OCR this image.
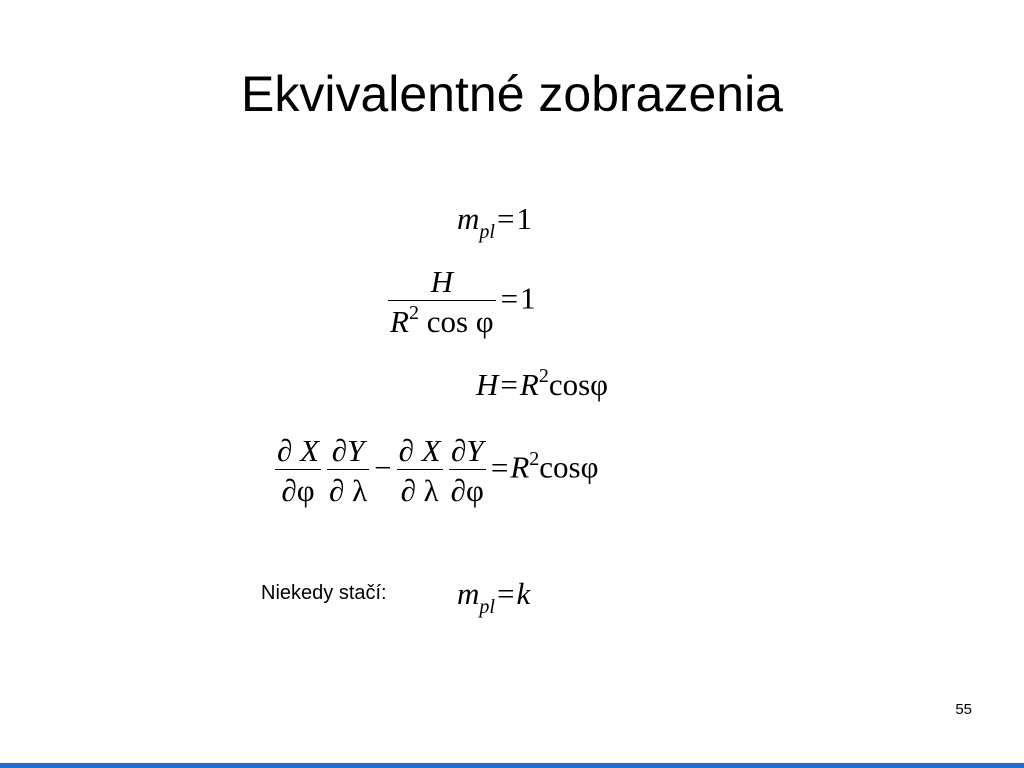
Ekvivalentné zobrazenia
$m_{pl}=1$
$\frac{H}{R^2 \cos \varphi} =1$
$H=R^2\cos\varphi$
$\frac{\partial X}{\partial\varphi} \frac{\partial Y}{\partial \lambda} - \frac{\partial X}{\partial \lambda} \frac{\partial Y}{\partial\varphi} =R^2\cos\varphi$
Niekedy stačí: $m_{pl}=k$
55
